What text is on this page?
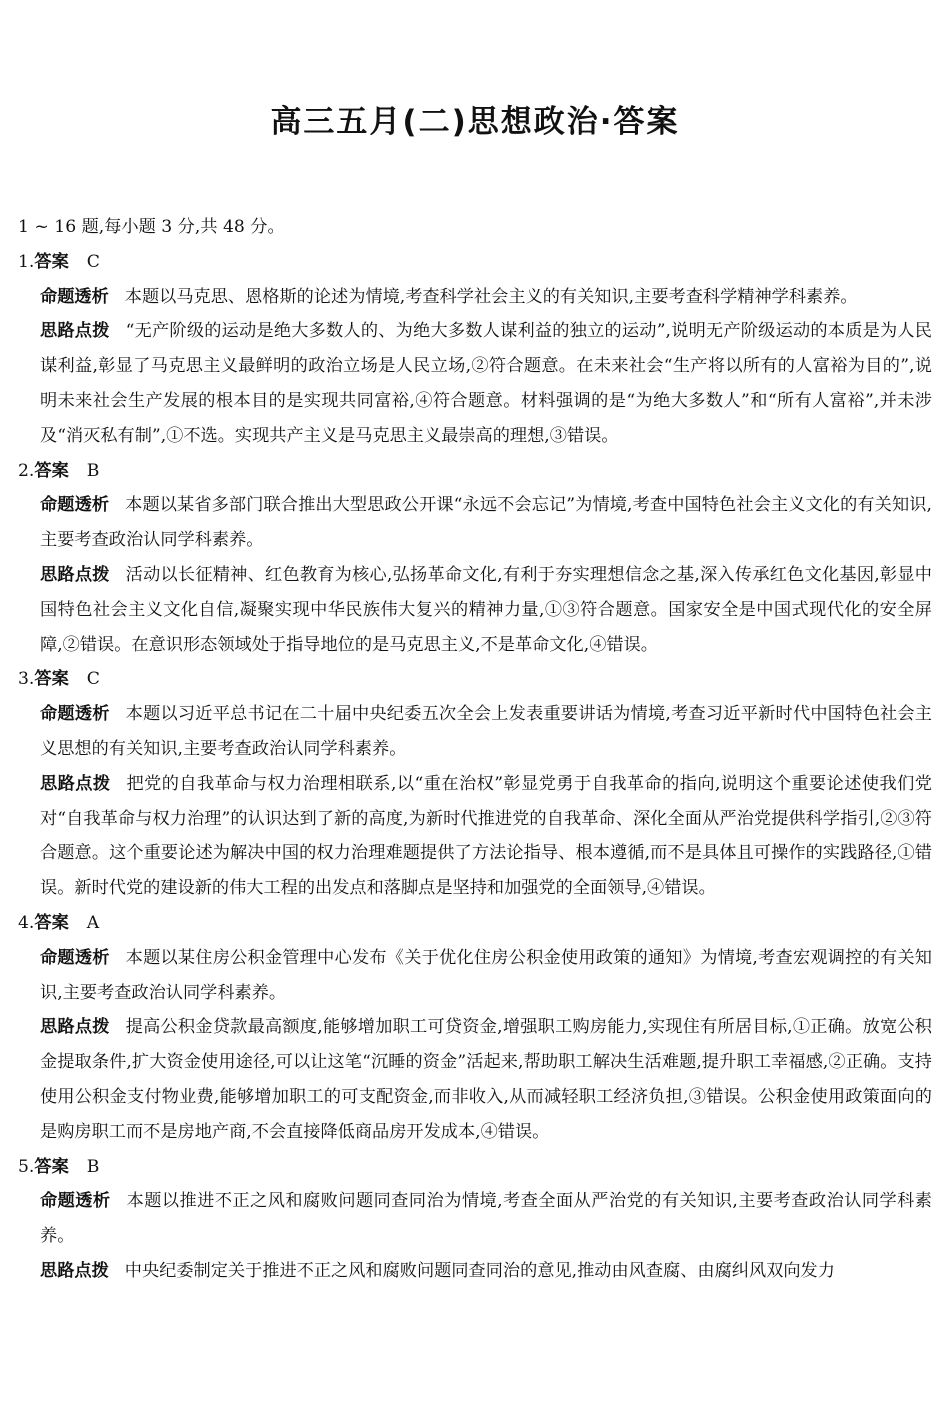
高三五月(二)思想政治·答案

1 ~ 16 题,每小题 3 分,共 48 分。

1.答案 C

命题透析 本题以马克思、恩格斯的论述为情境,考查科学社会主义的有关知识,主要考查科学精神学科素养。

思路点拨 “无产阶级的运动是绝大多数人的、为绝大多数人谋利益的独立的运动”,说明无产阶级运动的本质是为人民谋利益,彰显了马克思主义最鲜明的政治立场是人民立场,②符合题意。在未来社会“生产将以所有的人富裕为目的”,说明未来社会生产发展的根本目的是实现共同富裕,④符合题意。材料强调的是“为绝大多数人”和“所有人富裕”,并未涉及“消灭私有制”,①不选。实现共产主义是马克思主义最崇高的理想,③错误。

2.答案 B

命题透析 本题以某省多部门联合推出大型思政公开课“永远不会忘记”为情境,考查中国特色社会主义文化的有关知识,主要考查政治认同学科素养。

思路点拨 活动以长征精神、红色教育为核心,弘扬革命文化,有利于夯实理想信念之基,深入传承红色文化基因,彰显中国特色社会主义文化自信,凝聚实现中华民族伟大复兴的精神力量,①③符合题意。国家安全是中国式现代化的安全屏障,②错误。在意识形态领域处于指导地位的是马克思主义,不是革命文化,④错误。

3.答案 C

命题透析 本题以习近平总书记在二十届中央纪委五次全会上发表重要讲话为情境,考查习近平新时代中国特色社会主义思想的有关知识,主要考查政治认同学科素养。

思路点拨 把党的自我革命与权力治理相联系,以“重在治权”彰显党勇于自我革命的指向,说明这个重要论述使我们党对“自我革命与权力治理”的认识达到了新的高度,为新时代推进党的自我革命、深化全面从严治党提供科学指引,②③符合题意。这个重要论述为解决中国的权力治理难题提供了方法论指导、根本遵循,而不是具体且可操作的实践路径,①错误。新时代党的建设新的伟大工程的出发点和落脚点是坚持和加强党的全面领导,④错误。

4.答案 A

命题透析 本题以某住房公积金管理中心发布《关于优化住房公积金使用政策的通知》为情境,考查宏观调控的有关知识,主要考查政治认同学科素养。

思路点拨 提高公积金贷款最高额度,能够增加职工可贷资金,增强职工购房能力,实现住有所居目标,①正确。放宽公积金提取条件,扩大资金使用途径,可以让这笔“沉睡的资金”活起来,帮助职工解决生活难题,提升职工幸福感,②正确。支持使用公积金支付物业费,能够增加职工的可支配资金,而非收入,从而减轻职工经济负担,③错误。公积金使用政策面向的是购房职工而不是房地产商,不会直接降低商品房开发成本,④错误。

5.答案 B

命题透析 本题以推进不正之风和腐败问题同查同治为情境,考查全面从严治党的有关知识,主要考查政治认同学科素养。

思路点拨 中央纪委制定关于推进不正之风和腐败问题同查同治的意见,推动由风查腐、由腐纠风双向发力
